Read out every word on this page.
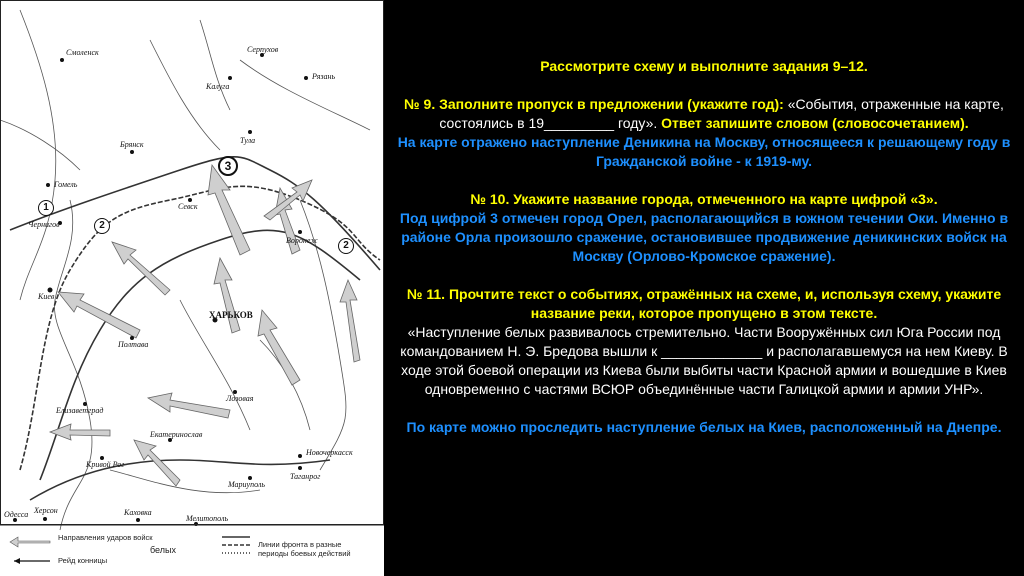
Смоленск	Серпухов
Калуга
Рязань
Тула
Брянск
Гомель
Севск
Воронеж
Чернигов
Киев
ХАРЬКОВ
Полтава
Лозовая
Елизаветград
Екатеринослав
Кривой Рог
Новочеркасск
Мариуполь
Таганрог
Херсон	Каховка
Мелитополь
Одесса
1
2
2
3
Направления ударов войск
белых
Рейд конницы
Линии фронта в разные
периоды боевых действий

Рассмотрите схему и выполните задания 9–12.

№ 9. Заполните пропуск в предложении (укажите год): «События, отраженные на карте, состоялись в 19_________ году». Ответ запишите словом (словосочетанием).

На карте отражено наступление Деникина на Москву, относящееся к решающему году в Гражданской войне - к 1919-му.

№ 10. Укажите название города, отмеченного на карте цифрой «3».

Под цифрой 3 отмечен город Орел, располагающийся в южном течении Оки. Именно в районе Орла произошло сражение, остановившее продвижение деникинских войск на Москву (Орлово-Кромское сражение).

№ 11. Прочтите текст о событиях, отражённых на схеме, и, используя схему, укажите название реки, которое пропущено в этом тексте.

«Наступление белых развивалось стремительно. Части Вооружённых сил Юга России под командованием Н. Э. Бредова вышли к _____________ и располагавшемуся на нем Киеву. В ходе этой боевой операции из Киева были выбиты части Красной армии и вошедшие в Киев одновременно с частями ВСЮР объединённые части Галицкой армии и армии УНР».

По карте можно проследить наступление белых на Киев, расположенный на Днепре.
